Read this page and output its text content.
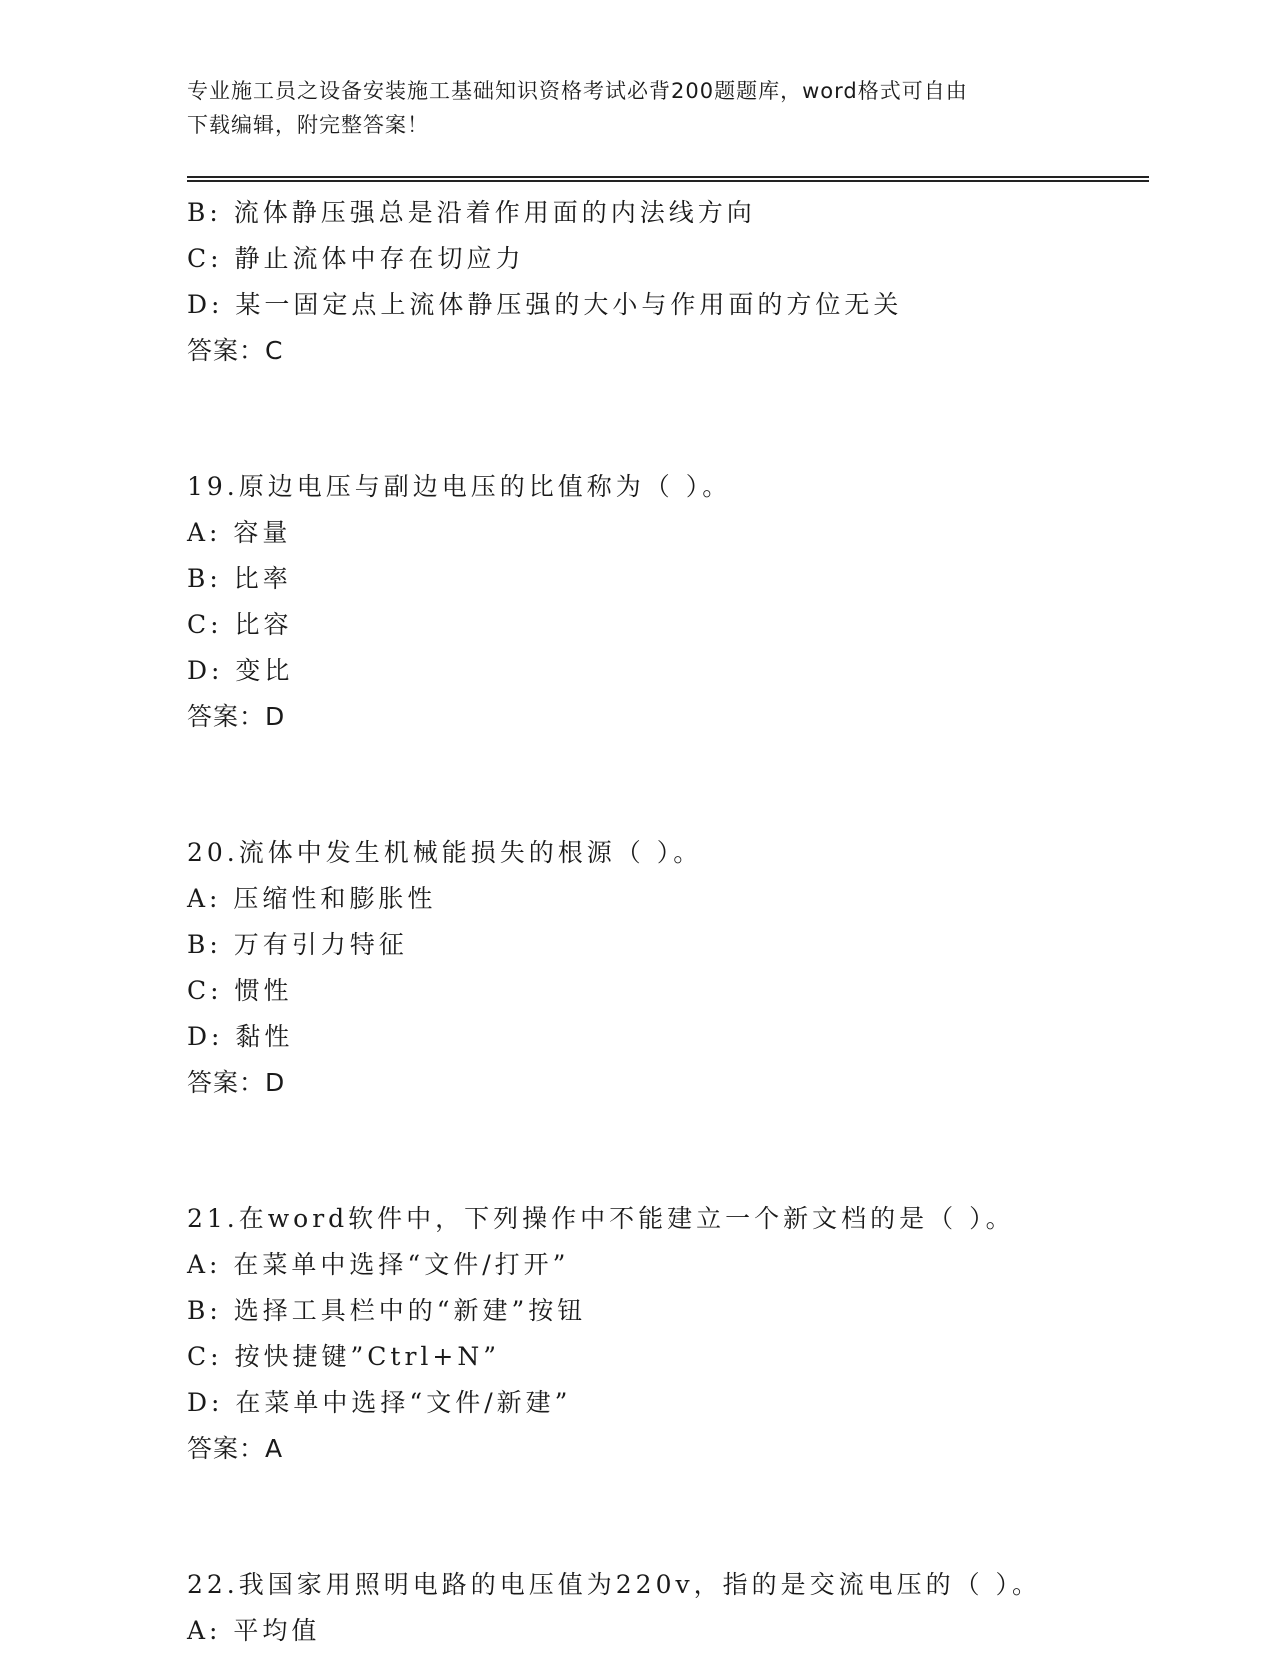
专业施工员之设备安装施工基础知识资格考试必背200题题库，word格式可自由
下载编辑，附完整答案！
B: 流体静压强总是沿着作用面的内法线方向
C: 静止流体中存在切应力
D: 某一固定点上流体静压强的大小与作用面的方位无关
答案：C
19.原边电压与副边电压的比值称为（ ）。
A: 容量
B: 比率
C: 比容
D: 变比
答案：D
20.流体中发生机械能损失的根源（ ）。
A: 压缩性和膨胀性
B: 万有引力特征
C: 惯性
D: 黏性
答案：D
21.在word软件中，下列操作中不能建立一个新文档的是（ ）。
A: 在菜单中选择“文件/打开”
B: 选择工具栏中的“新建”按钮
C: 按快捷键”Ctrl+N”
D: 在菜单中选择“文件/新建”
答案：A
22.我国家用照明电路的电压值为220v，指的是交流电压的（ ）。
A: 平均值
